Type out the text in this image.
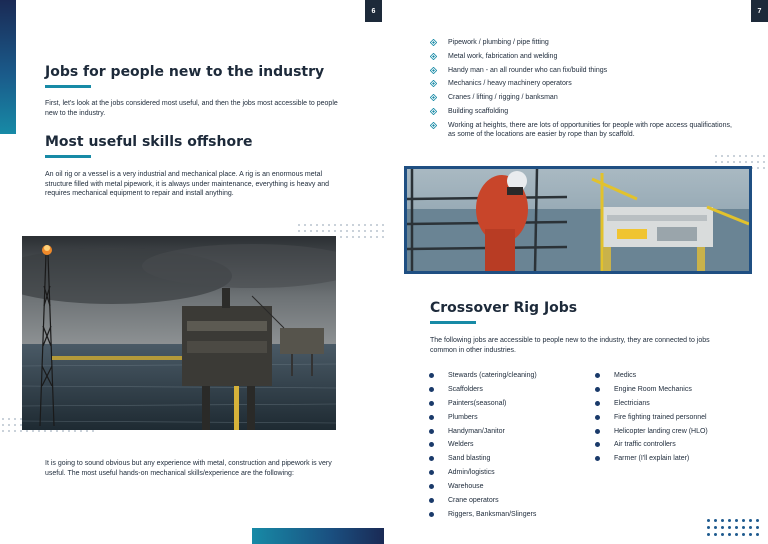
6
Jobs for people new to the industry
First, let's look at the jobs considered most useful, and then the jobs most accessible to people new to the industry.
Most useful skills offshore
An oil rig or a vessel is a very industrial and mechanical place. A rig is an enormous metal structure filled with metal pipework, it is always under maintenance, everything is heavy and requires mechanical equipment to repair and install anything.
It is going to sound obvious but any experience with metal, construction and pipework is very useful. The most useful hands-on mechanical skills/experience are the following:
7
Pipework / plumbing / pipe fitting
Metal work, fabrication and welding
Handy man - an all rounder who can fix/build things
Mechanics / heavy machinery operators
Cranes / lifting / rigging / banksman
Building scaffolding
Working at heights, there are lots of opportunities for people with rope access qualifications, as some of the locations are easier by rope than by scaffold.
Crossover Rig Jobs
The following jobs are accessible to people new to the industry, they are connected to jobs common in other industries.
Stewards (catering/cleaning)
Scaffolders
Painters(seasonal)
Plumbers
Handyman/Janitor
Welders
Sand blasting
Admin/logistics
Warehouse
Crane operators
Riggers, Banksman/Slingers
Medics
Engine Room Mechanics
Electricians
Fire fighting trained personnel
Helicopter landing crew (HLO)
Air traffic controllers
Farmer (I'll explain later)
